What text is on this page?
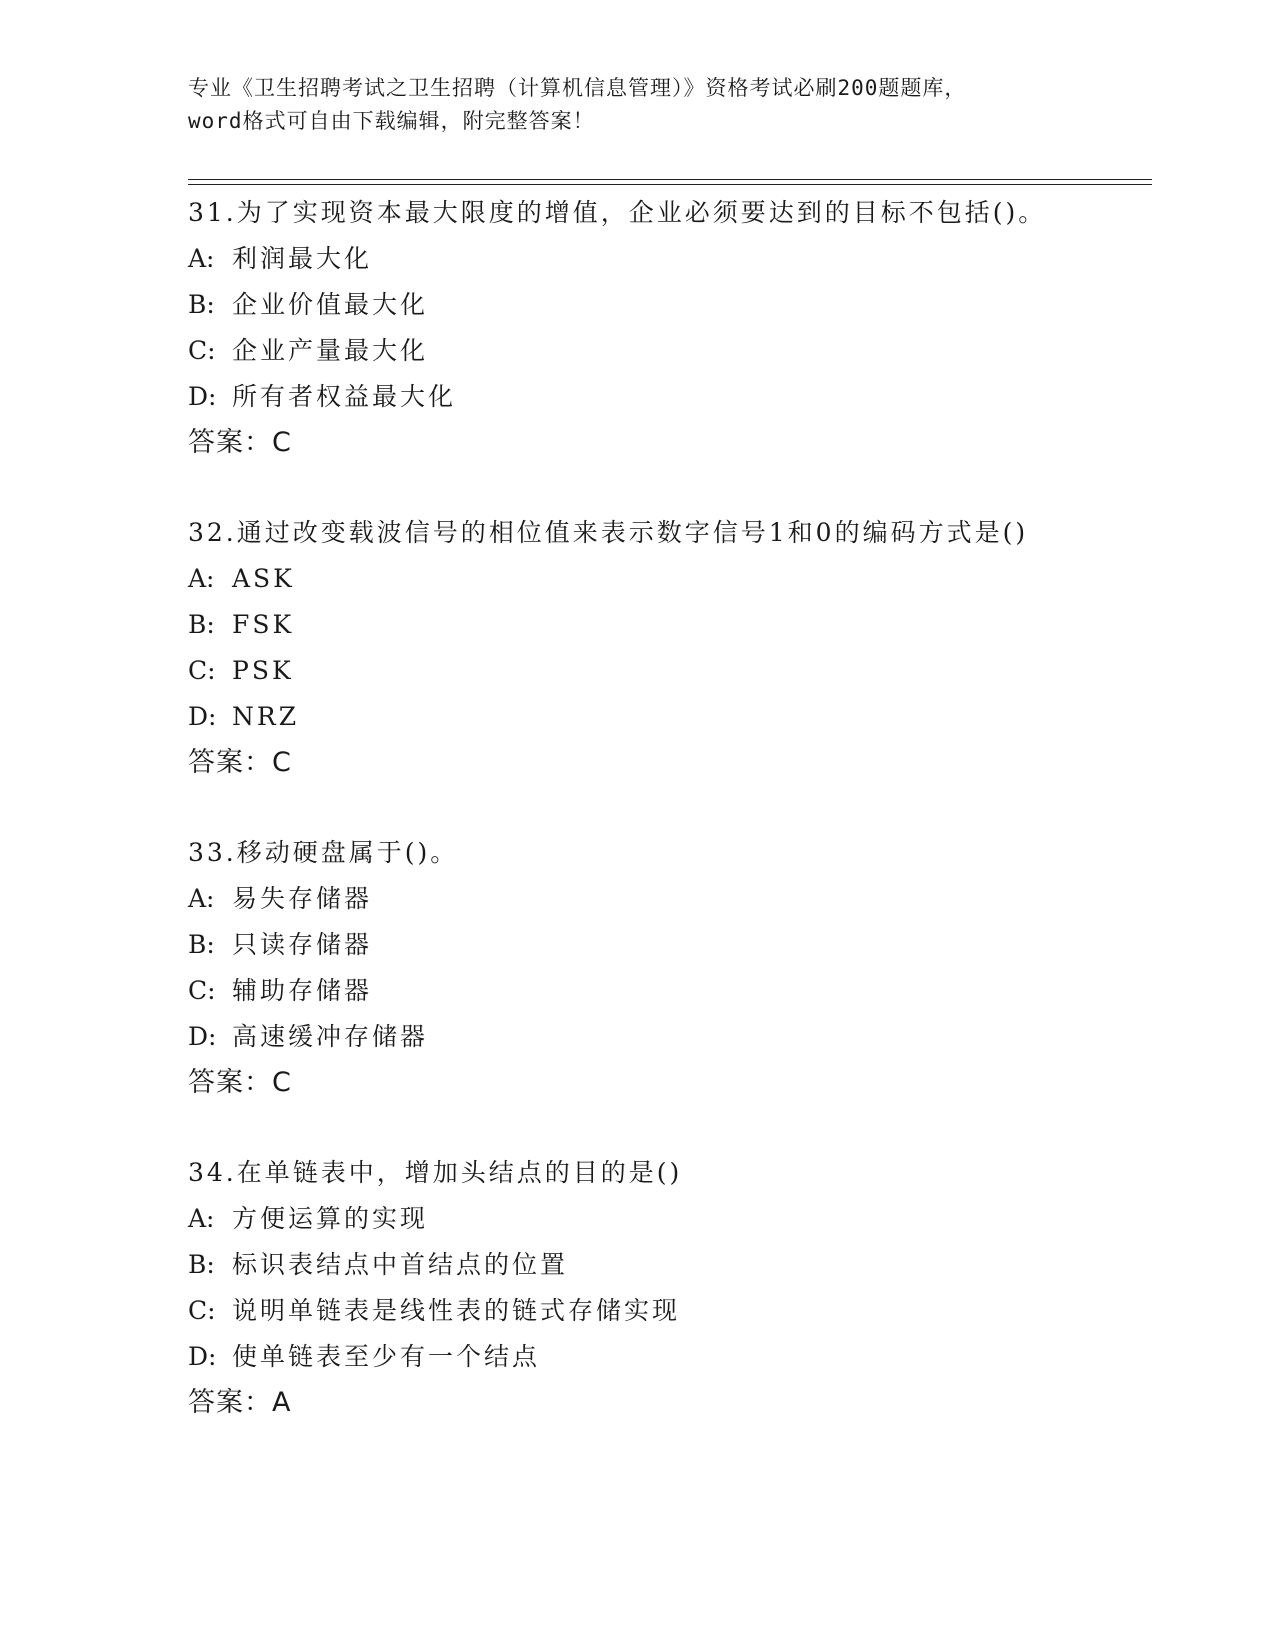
专业《卫生招聘考试之卫生招聘（计算机信息管理）》资格考试必刷200题题库，
word格式可自由下载编辑，附完整答案！
31.为了实现资本最大限度的增值，企业必须要达到的目标不包括()。
A: 利润最大化
B: 企业价值最大化
C: 企业产量最大化
D: 所有者权益最大化
答案：C
32.通过改变载波信号的相位值来表示数字信号1和0的编码方式是()
A: ASK
B: FSK
C: PSK
D: NRZ
答案：C
33.移动硬盘属于()。
A: 易失存储器
B: 只读存储器
C: 辅助存储器
D: 高速缓冲存储器
答案：C
34.在单链表中，增加头结点的目的是()
A: 方便运算的实现
B: 标识表结点中首结点的位置
C: 说明单链表是线性表的链式存储实现
D: 使单链表至少有一个结点
答案：A
